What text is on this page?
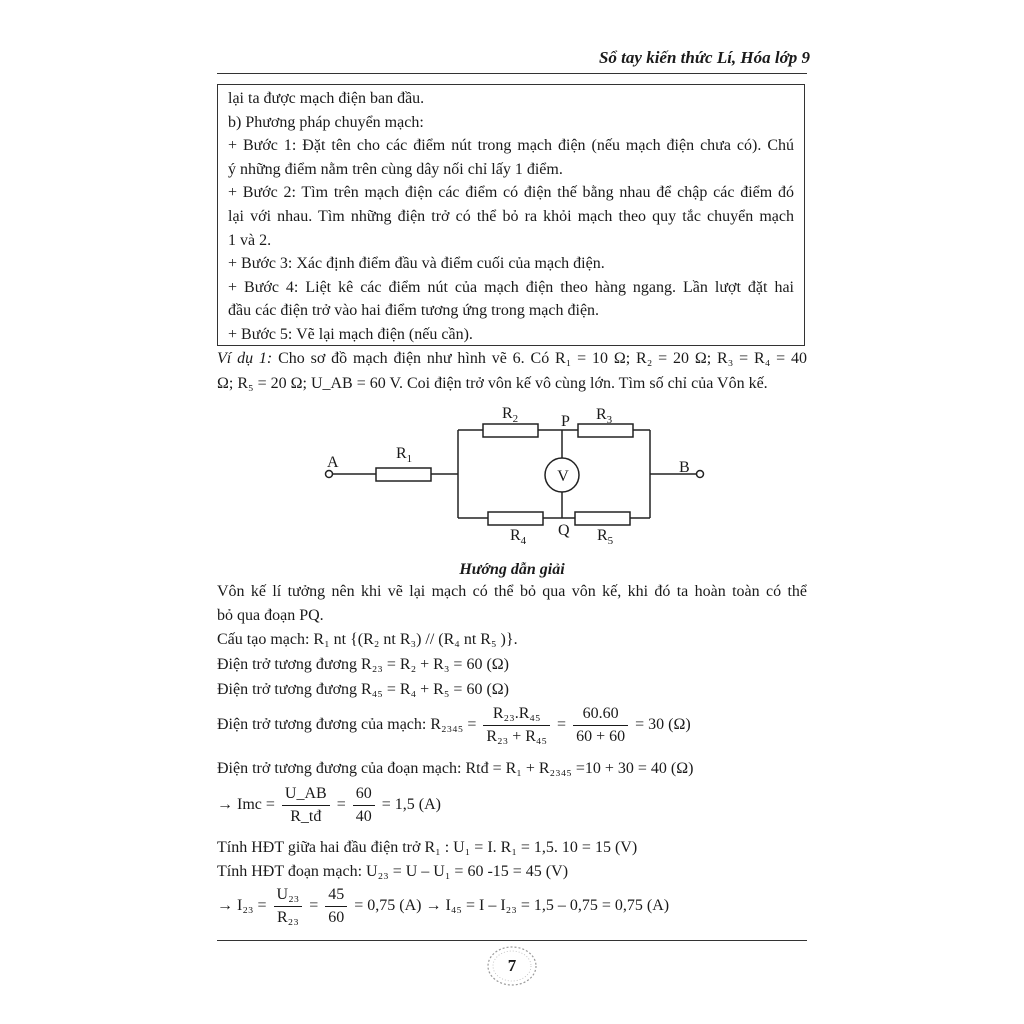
Sổ tay kiến thức Lí, Hóa lớp 9
lại ta được mạch điện ban đầu.
b) Phương pháp chuyển mạch:
+ Bước 1: Đặt tên cho các điểm nút trong mạch điện (nếu mạch điện chưa có). Chú
ý những điểm nằm trên cùng dây nối chỉ lấy 1 điểm.
+ Bước 2: Tìm trên mạch điện các điểm có điện thế bằng nhau để chập các điểm đó
lại với nhau. Tìm những điện trở có thể bỏ ra khỏi mạch theo quy tắc chuyển mạch
1 và 2.
+ Bước 3: Xác định điểm đầu và điểm cuối của mạch điện.
+ Bước 4: Liệt kê các điểm nút của mạch điện theo hàng ngang. Lần lượt đặt hai
đầu các điện trở vào hai điểm tương ứng trong mạch điện.
+ Bước 5: Vẽ lại mạch điện (nếu cần).
Ví dụ 1: Cho sơ đồ mạch điện như hình vẽ 6. Có R₁ = 10 Ω; R₂ = 20 Ω; R₃ = R₄ = 40
Ω; R₅ = 20 Ω; U_AB = 60 V. Coi điện trở vôn kế vô cùng lớn. Tìm số chỉ của Vôn kế.
V
A	B
P
Q
$R_1$
$R_2$	$R_3$
$R_4$	$R_5$
Hướng dẫn giải
Vôn kế lí tưởng nên khi vẽ lại mạch có thể bỏ qua vôn kế, khi đó ta hoàn toàn có thể
bỏ qua đoạn PQ.
Cấu tạo mạch: R₁ nt {(R₂ nt R₃) // (R₄ nt R₅ )}.
Điện trở tương đương R₂₃ = R₂ + R₃ = 60 (Ω)
Điện trở tương đương R₄₅ = R₄ + R₅ = 60 (Ω)
Điện trở tương đương của mạch: $R_{2345} = \frac{\text{R₂₃.R₄₅}}{\text{R₂₃ + R₄₅}} = \frac{60.60}{60 + 60} = 30$ (Ω)
Điện trở tương đương của đoạn mạch: Rtđ = R₁ + R₂₃₄₅ =10 + 30 = 40 (Ω)
→ Imc = $\frac{U\_AB}{R\_tđ} = \frac{60}{40} = 1,5$ (A)
Tính HĐT giữa hai đầu điện trở R₁ : U₁ = I. R₁ = 1,5. 10 = 15 (V)
Tính HĐT đoạn mạch: U₂₃ = U – U₁ = 60 -15 = 45 (V)
→ $I_{23} = \frac{\text{U₂₃}}{\text{R₂₃}} = \frac{45}{60} = 0,75$ (A) → I₄₅ = I – I₂₃ = 1,5 – 0,75 = 0,75 (A)
7
